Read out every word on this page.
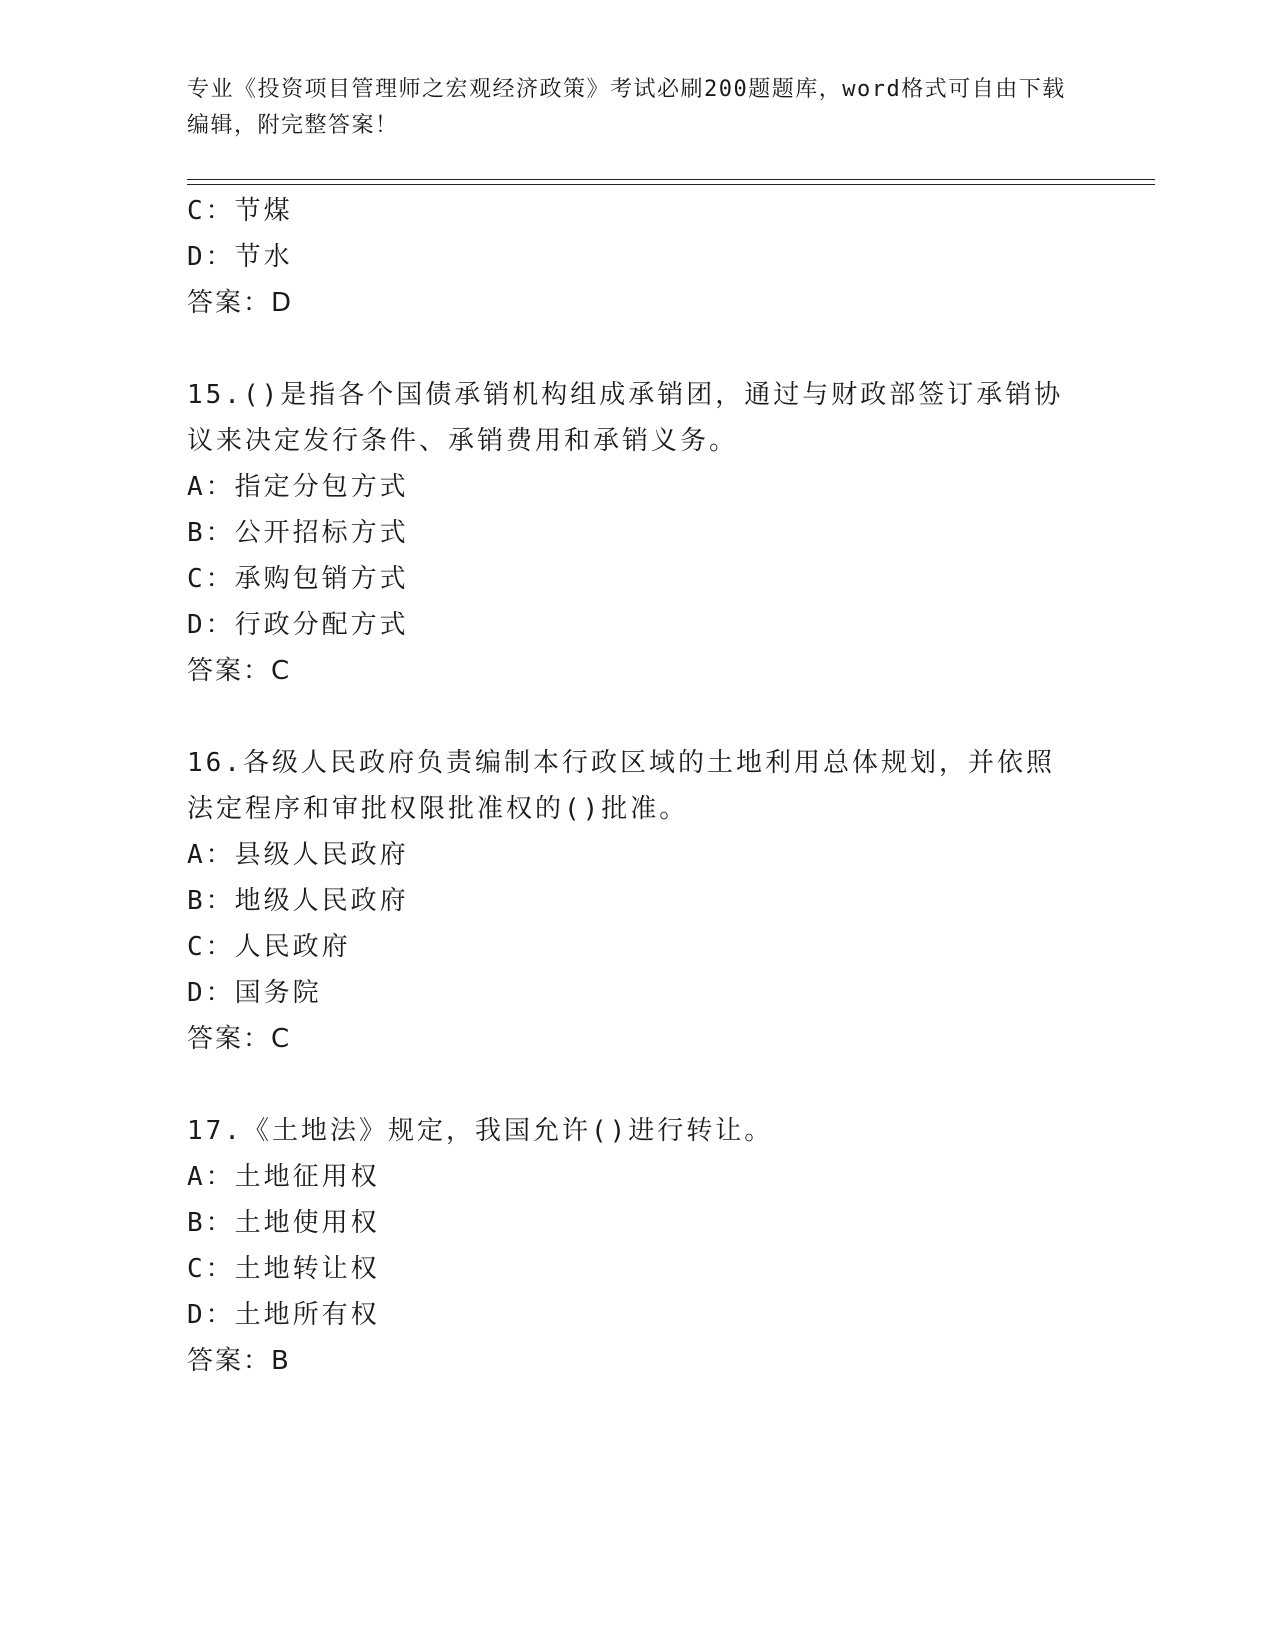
专业《投资项目管理师之宏观经济政策》考试必刷200题题库，word格式可自由下载编辑，附完整答案！
C：节煤
D：节水
答案：D
15.()是指各个国债承销机构组成承销团，通过与财政部签订承销协议来决定发行条件、承销费用和承销义务。
A：指定分包方式
B：公开招标方式
C：承购包销方式
D：行政分配方式
答案：C
16.各级人民政府负责编制本行政区域的土地利用总体规划，并依照法定程序和审批权限批准权的()批准。
A：县级人民政府
B：地级人民政府
C：人民政府
D：国务院
答案：C
17.《土地法》规定，我国允许()进行转让。
A：土地征用权
B：土地使用权
C：土地转让权
D：土地所有权
答案：B
